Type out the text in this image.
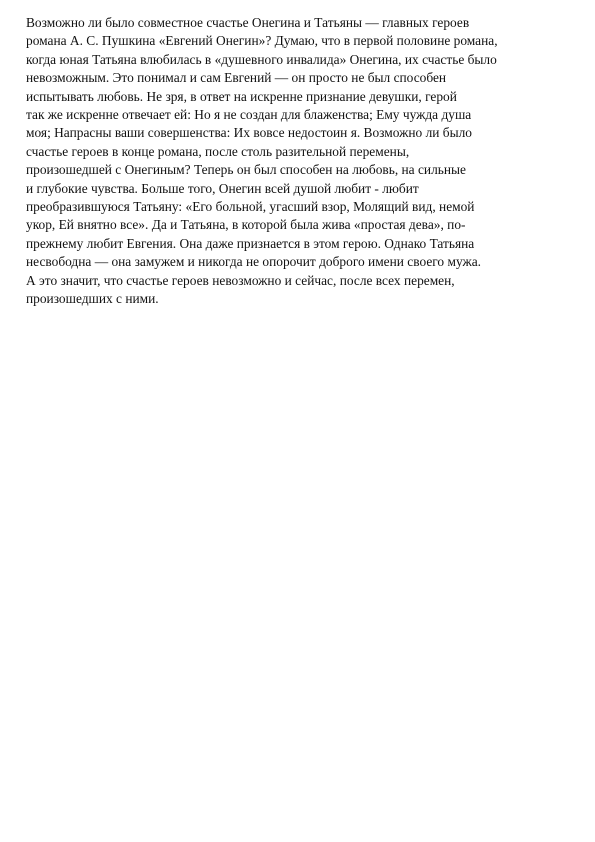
Возможно ли было совместное счастье Онегина и Татьяны — главных героев
романа А. С. Пушкина «Евгений Онегин»? Думаю, что в первой половине романа,
когда юная Татьяна влюбилась в «душевного инвалида» Онегина, их счастье было
невозможным. Это понимал и сам Евгений — он просто не был способен
испытывать любовь. Не зря, в ответ на искренне признание девушки, герой
так же искренне отвечает ей: Но я не создан для блаженства; Ему чужда душа
моя; Напрасны ваши совершенства: Их вовсе недостоин я. Возможно ли было
счастье героев в конце романа, после столь разительной перемены,
произошедшей с Онегиным? Теперь он был способен на любовь, на сильные
и глубокие чувства. Больше того, Онегин всей душой любит - любит
преобразившуюся Татьяну: «Его больной, угасший взор, Молящий вид, немой
укор, Ей внятно все». Да и Татьяна, в которой была жива «простая дева», по-
прежнему любит Евгения. Она даже признается в этом герою. Однако Татьяна
несвободна — она замужем и никогда не опорочит доброго имени своего мужа.
А это значит, что счастье героев невозможно и сейчас, после всех перемен,
произошедших с ними.
